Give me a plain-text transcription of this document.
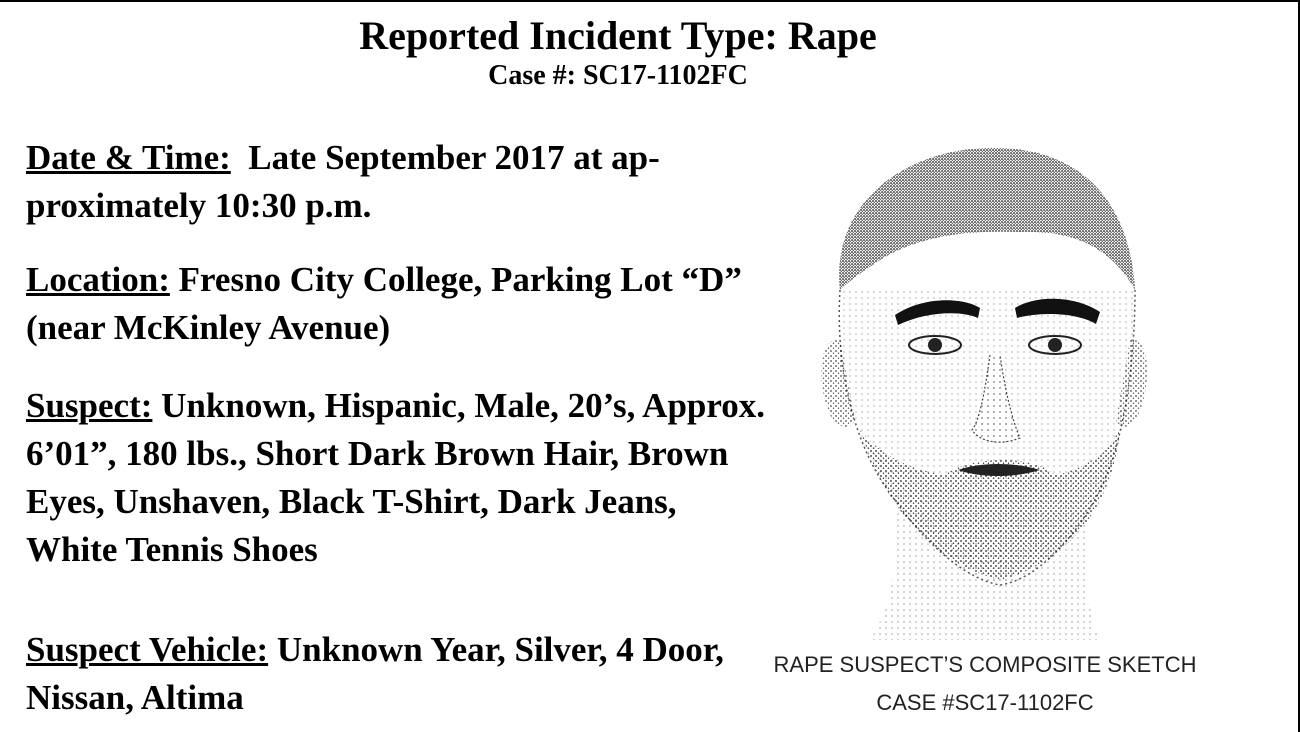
Reported Incident Type: Rape
Case #: SC17-1102FC

Date & Time: Late September 2017 at approximately 10:30 p.m.

Location: Fresno City College, Parking Lot “D” (near McKinley Avenue)

Suspect: Unknown, Hispanic, Male, 20’s, Approx. 6’01”, 180 lbs., Short Dark Brown Hair, Brown Eyes, Unshaven, Black T-Shirt, Dark Jeans, White Tennis Shoes

Suspect Vehicle: Unknown Year, Silver, 4 Door, Nissan, Altima

RAPE SUSPECT’S COMPOSITE SKETCH
CASE #SC17-1102FC
